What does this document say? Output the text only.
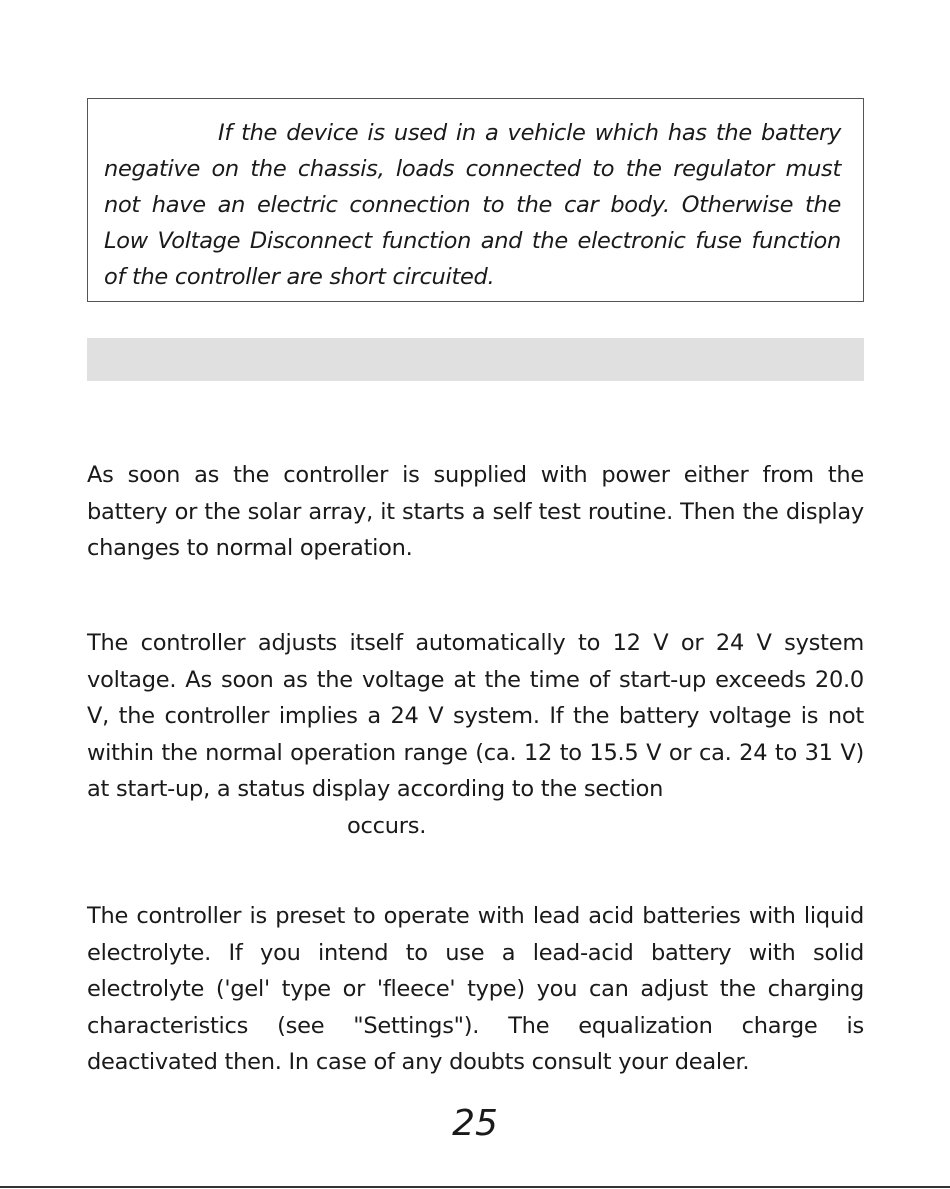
If the device is used in a vehicle which has the battery negative on the chassis, loads connected to the regulator must not have an electric connection to the car body. Otherwise the Low Voltage Disconnect function and the electronic fuse function of the controller are short circuited.

As soon as the controller is supplied with power either from the battery or the solar array, it starts a self test routine. Then the display changes to normal operation.

The controller adjusts itself automatically to 12 V or 24 V system voltage. As soon as the voltage at the time of start-up exceeds 20.0 V, the controller implies a 24 V system. If the battery voltage is not within the normal operation range (ca. 12 to 15.5 V or ca. 24 to 31 V) at start-up, a status display according to the section
occurs.

The controller is preset to operate with lead acid batteries with liquid electrolyte. If you intend to use a lead-acid battery with solid electrolyte ('gel' type or 'fleece' type) you can adjust the charging characteristics (see "Settings"). The equalization charge is deactivated then. In case of any doubts consult your dealer.

25
